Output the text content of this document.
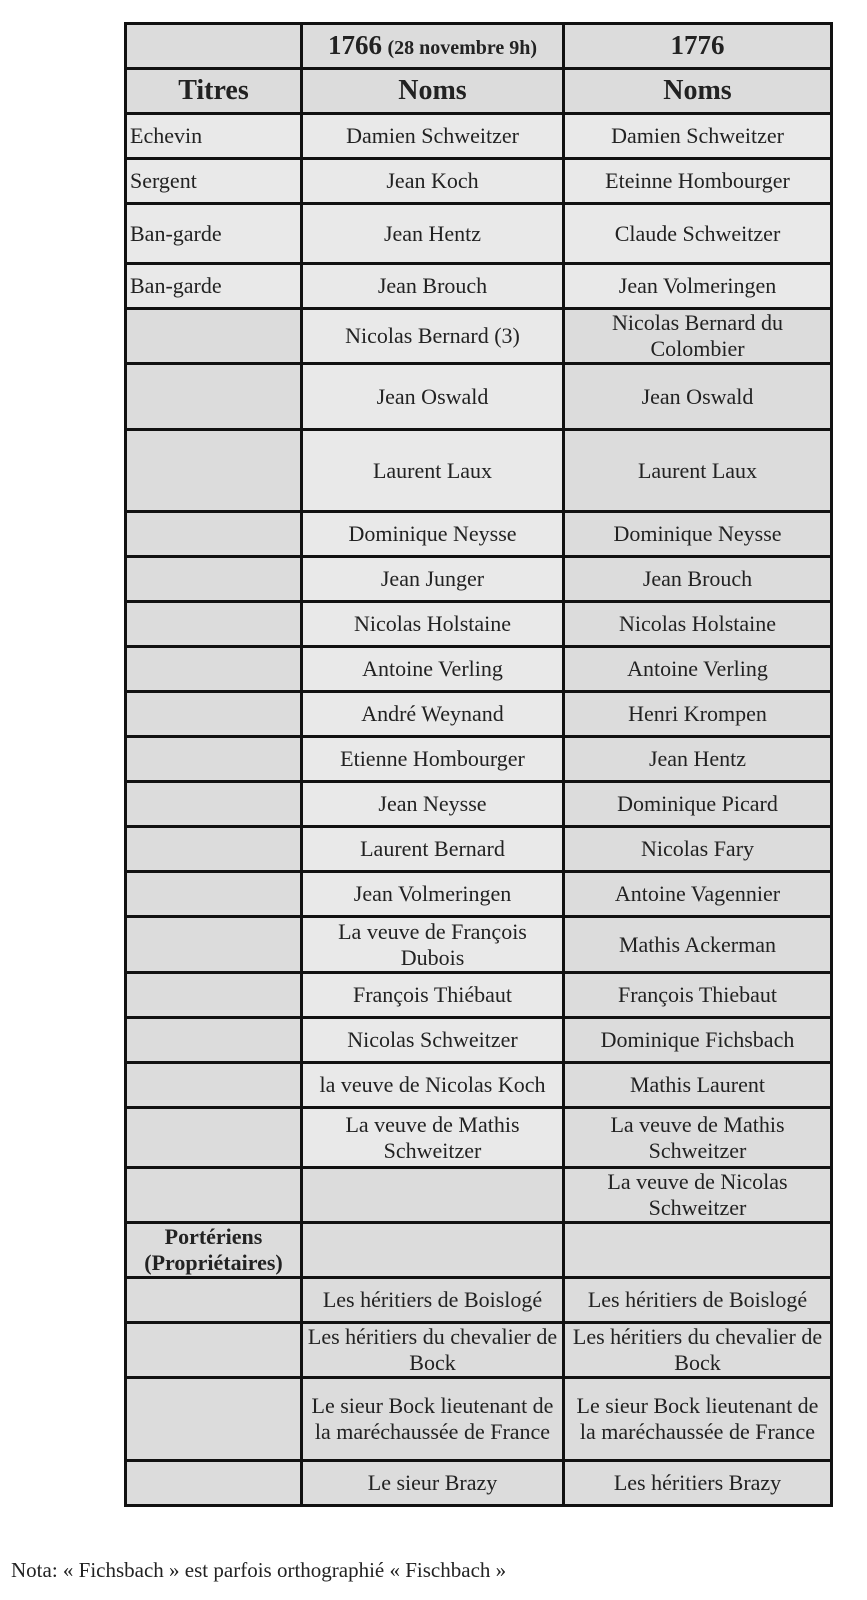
	1766 (28 novembre 9h)	1776
Titres	Noms	Noms
Echevin	Damien Schweitzer	Damien Schweitzer
Sergent	Jean Koch	Eteinne Hombourger
Ban-garde	Jean Hentz	Claude Schweitzer
Ban-garde	Jean Brouch	Jean Volmeringen
	Nicolas Bernard (3)	Nicolas Bernard du Colombier
	Jean Oswald	Jean Oswald
	Laurent Laux	Laurent Laux
	Dominique Neysse	Dominique Neysse
	Jean Junger	Jean Brouch
	Nicolas Holstaine	Nicolas Holstaine
	Antoine Verling	Antoine Verling
	André Weynand	Henri Krompen
	Etienne Hombourger	Jean Hentz
	Jean Neysse	Dominique Picard
	Laurent Bernard	Nicolas Fary
	Jean Volmeringen	Antoine Vagennier
	La veuve de François Dubois	Mathis Ackerman
	François Thiébaut	François Thiebaut
	Nicolas Schweitzer	Dominique Fichsbach
	la veuve de Nicolas Koch	Mathis Laurent
	La veuve de Mathis Schweitzer	La veuve de Mathis Schweitzer
		La veuve de Nicolas Schweitzer
Portériens (Propriétaires)		
	Les héritiers de Boislogé	Les héritiers de Boislogé
	Les héritiers du chevalier de Bock	Les héritiers du chevalier de Bock
	Le sieur Bock lieutenant de la maréchaussée de France	Le sieur Bock lieutenant de la maréchaussée de France
	Le sieur Brazy	Les héritiers Brazy
Nota: « Fichsbach » est parfois orthographié « Fischbach »
